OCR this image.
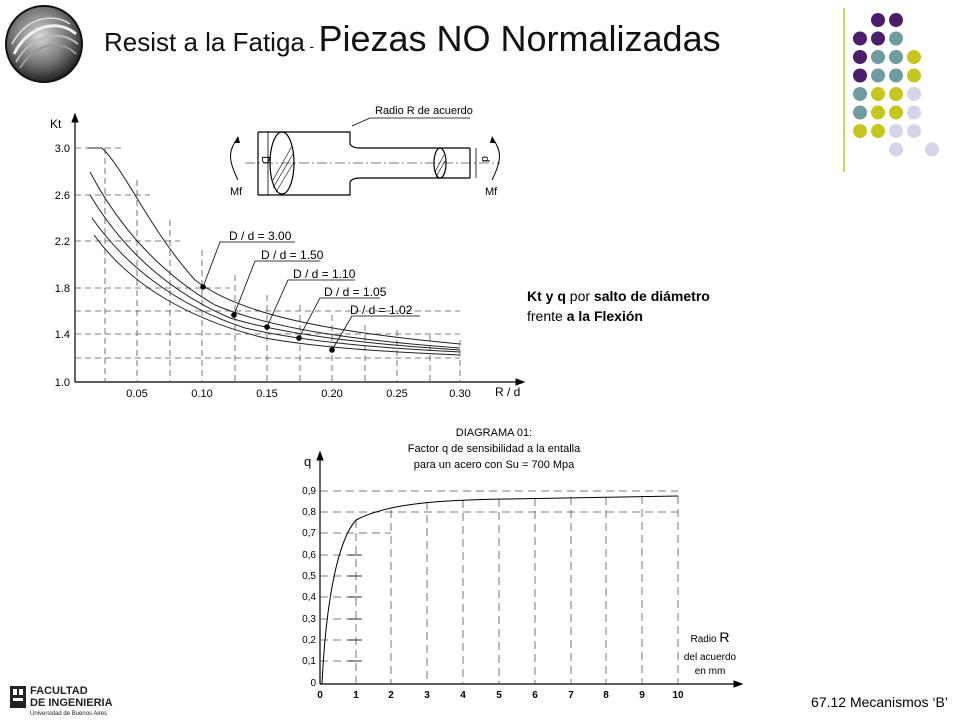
Resist a la Fatiga - Piezas NO Normalizadas
D / d = 3.00
D / d = 1.50
D / d = 1.10
D / d = 1.05
D / d = 1.02
Kt
R / d
3.0
2.6
2.2
1.8
1.4
1.0
0.05	0.10	0.15	0.20	0.25	0.30
Radio R de acuerdo
Mf	Mf
D	d
Kt y q por salto de diámetro
frente a la Flexión
DIAGRAMA 01:
Factor q de sensibilidad a la entalla
para un acero con Su = 700 Mpa
q
0,9
0,8
0,7
0,6
0,5
0,4
0,3
0,2
0,1
0
0	1	2	3	4	5	6	7	8	9	10
Radio R
del acuerdo
en mm
FACULTAD
DE INGENIERIA
Universidad de Buenos Aires
67.12 Mecanismos ‘B’
